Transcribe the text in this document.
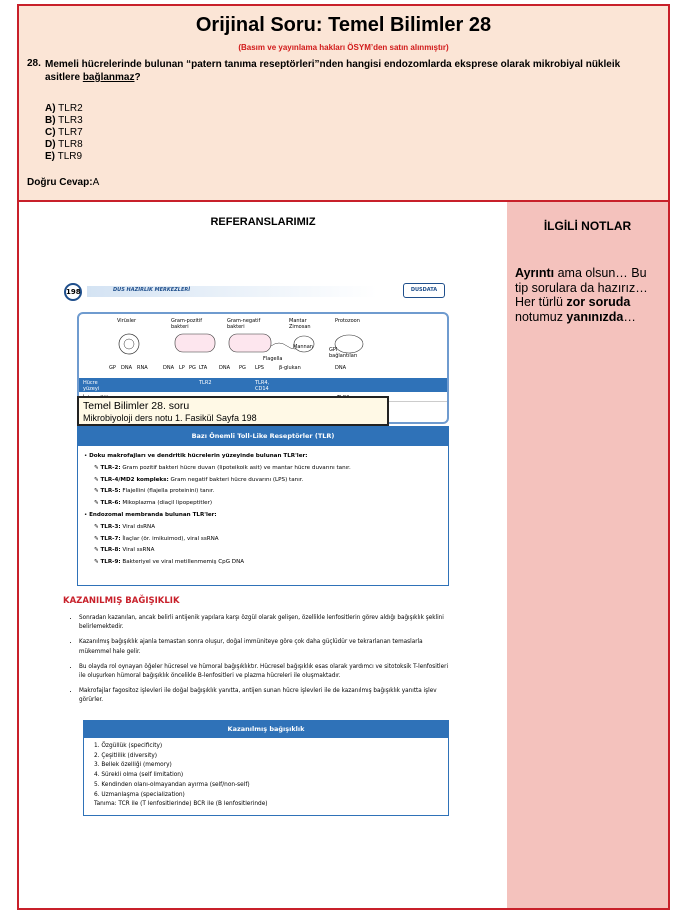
Orijinal Soru: Temel Bilimler 28
(Basım ve yayınlama hakları ÖSYM’den satın alınmıştır)
28. Memeli hücrelerinde bulunan “patern tanıma reseptörleri”nden hangisi endozomlarda eksprese olarak mikrobiyal nükleik asitlere bağlanmaz?
A) TLR2
B) TLR3
C) TLR7
D) TLR8
E) TLR9
Doğru Cevap:A
REFERANSLARIMIZ
198	DUS HAZIRLIK MERKEZLERİ	DUSDATA
Virüsler	Gram-pozitif bakteri
Gram-negatif bakteri
Mantar Zimosan
Protozoon
GP DNA RNA	DNA LP PG LTA DNA PG LPS
Flagella
β-glukan
Mannan	GPI bağlantıları
DNA
Hücre yüzeyi
TLR2	TLR4, CD14
Temel Bilimler 28. soru
Mikrobiyoloji ders notu 1. Fasikül Sayfa 198
Bazı Önemli Toll-Like Reseptörler (TLR)
• Doku makrofajları ve dendritik hücrelerin yüzeyinde bulunan TLR'ler:
✎ TLR-2: Gram pozitif bakteri hücre duvarı (lipoteikoik asit) ve mantar hücre duvarını tanır.
✎ TLR-4/MD2 kompleks: Gram negatif bakteri hücre duvarını (LPS) tanır.
✎ TLR-5: Flajellini (flajella proteinini) tanır.
✎ TLR-6: Mikoplazma (diaçil lipopeptitler)
• Endozomal membranda bulunan TLR'ler:
✎ TLR-3: Viral dsRNA
✎ TLR-7: İlaçlar (ör. imikuimod), viral ssRNA
✎ TLR-8: Viral ssRNA
✎ TLR-9: Bakteriyel ve viral metillenmemiş CpG DNA
KAZANILMIŞ BAĞIŞIKLIK
• Sonradan kazanılan, ancak belirli antijenik yapılara karşı özgül olarak gelişen, özellikle lenfositlerin görev aldığı bağışıklık şeklini belirlemektedir.
• Kazanılmış bağışıklık ajanla temastan sonra oluşur, doğal immüniteye göre çok daha güçlüdür ve tekrarlanan temaslarla mükemmel hale gelir.
• Bu olayda rol oynayan öğeler hücresel ve hümoral bağışıklıktır. Hücresel bağışıklık esas olarak yardımcı ve sitotoksik T-lenfositleri ile oluşurken hümoral bağışıklık öncelikle B-lenfositleri ve plazma hücreleri ile oluşmaktadır.
• Makrofajlar fagositoz işlevleri ile doğal bağışıklık yanıtta, antijen sunan hücre işlevleri ile de kazanılmış bağışıklık yanıtta işlev görürler.
Kazanılmış bağışıklık
1. Özgüllük (specificity)
2. Çeşitlilik (diversity)
3. Bellek özelliği (memory)
4. Sürekli olma (self limitation)
5. Kendinden olanı-olmayandan ayırma (self/non-self)
6. Uzmanlaşma (specialization)
Tanıma: TCR ile (T lenfositlerinde) BCR ile (B lenfositlerinde)
İLGİLİ NOTLAR
Ayrıntı ama olsun… Bu tip sorulara da hazırız… Her türlü zor soruda notumuz yanınızda…
